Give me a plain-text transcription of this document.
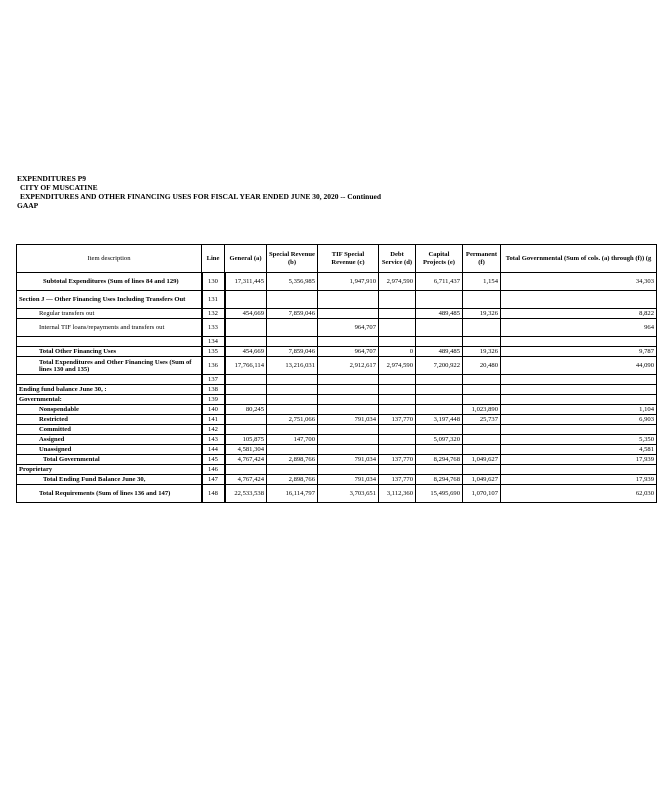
EXPENDITURES P9
CITY OF MUSCATINE
EXPENDITURES AND OTHER FINANCING USES FOR FISCAL YEAR ENDED JUNE 30, 2020 -- Continued
GAAP
Item description	Line	General (a)	Special Revenue (b)	TIF Special Revenue (c)	Debt Service (d)	Capital Projects (e)	Permanent (f)	Total Governmental (Sum of cols. (a) through (f)) (g
Subtotal Expenditures (Sum of lines 84 and 129)	130	17,311,445	5,356,985	1,947,910	2,974,590	6,711,437	1,154	34,303
Section J — Other Financing Uses Including Transfers Out	131							
Regular transfers out	132	454,669	7,859,046			489,485	19,326	8,822
Internal TIF loans/repayments and transfers out	133			964,707				964
	134							
Total Other Financing Uses	135	454,669	7,859,046	964,707	0	489,485	19,326	9,787
Total Expenditures and Other Financing Uses (Sum of lines 130 and 135)	136	17,766,114	13,216,031	2,912,617	2,974,590	7,200,922	20,480	44,090
	137							
Ending fund balance June 30, :	138							
Governmental:	139							
Nonspendable	140	80,245					1,023,890	1,104
Restricted	141		2,751,066	791,034	137,770	3,197,448	25,737	6,903
Committed	142							
Assigned	143	105,875	147,700			5,097,320		5,350
Unassigned	144	4,581,304						4,581
Total Governmental	145	4,767,424	2,898,766	791,034	137,770	8,294,768	1,049,627	17,939
Proprietary	146							
Total Ending Fund Balance June 30,	147	4,767,424	2,898,766	791,034	137,770	8,294,768	1,049,627	17,939
Total Requirements (Sum of lines 136 and 147)	148	22,533,538	16,114,797	3,703,651	3,112,360	15,495,690	1,070,107	62,030
